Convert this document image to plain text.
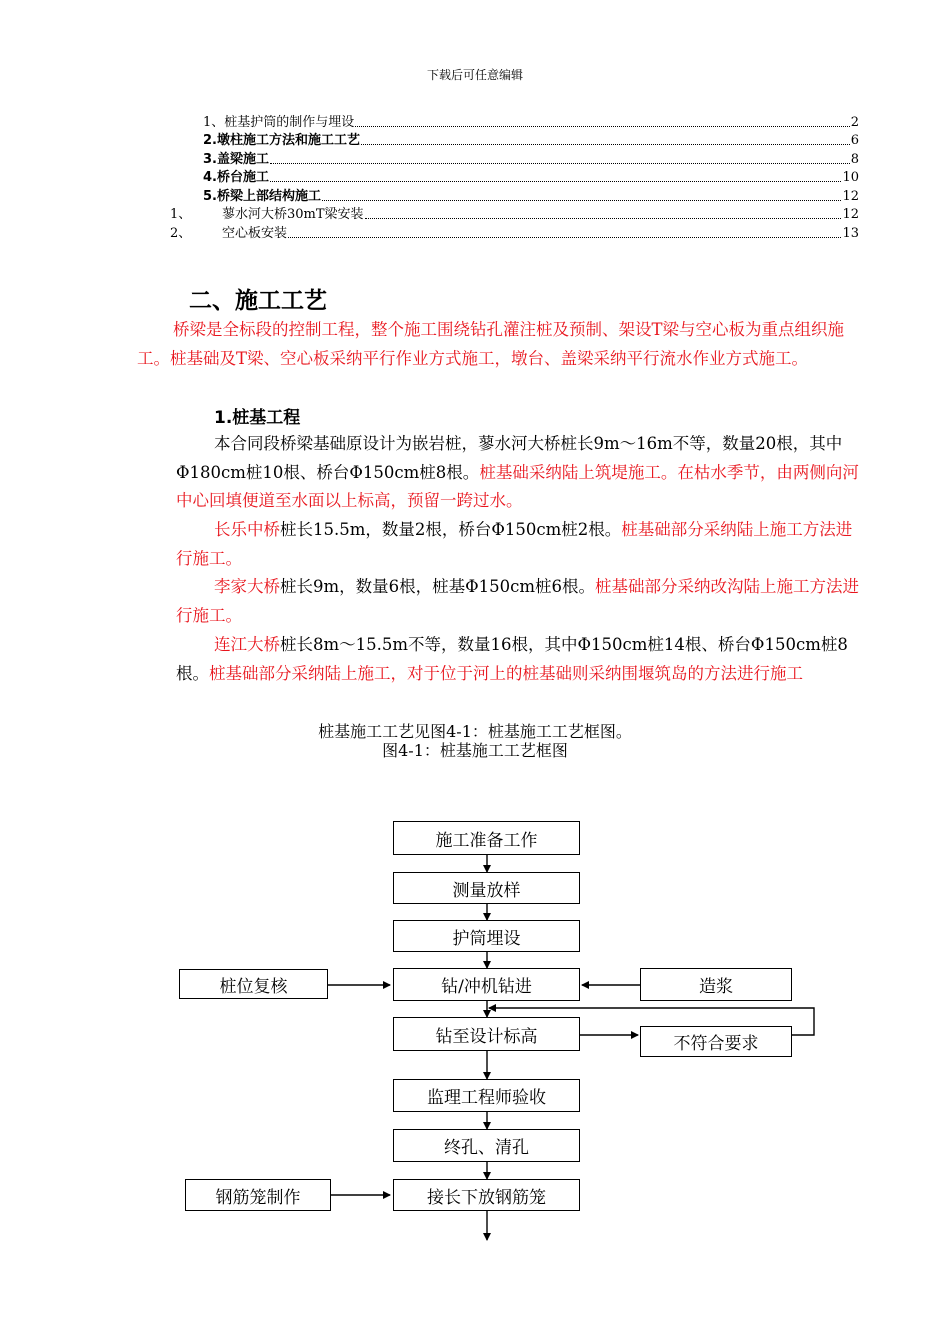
下载后可任意编辑
1、桩基护筒的制作与埋设	2
2.墩柱施工方法和施工工艺	6
3.盖梁施工	8
4.桥台施工	10
5.桥梁上部结构施工	12
1、	蓼水河大桥30mT梁安装	12
2、	空心板安装	13
二、施工工艺
桥梁是全标段的控制工程，整个施工围绕钻孔灌注桩及预制、架设T梁与空心板为重点组织施工。桩基础及T梁、空心板采纳平行作业方式施工，墩台、盖梁采纳平行流水作业方式施工。
1.桩基工程
本合同段桥梁基础原设计为嵌岩桩，蓼水河大桥桩长9m～16m不等，数量20根，其中Φ180cm桩10根、桥台Φ150cm桩8根。桩基础采纳陆上筑堤施工。在枯水季节，由两侧向河中心回填便道至水面以上标高，预留一跨过水。
长乐中桥桩长15.5m，数量2根，桥台Φ150cm桩2根。桩基础部分采纳陆上施工方法进行施工。
李家大桥桩长9m，数量6根，桩基Φ150cm桩6根。桩基础部分采纳改沟陆上施工方法进行施工。
连江大桥桩长8m～15.5m不等，数量16根，其中Φ150cm桩14根、桥台Φ150cm桩8根。桩基础部分采纳陆上施工，对于位于河上的桩基础则采纳围堰筑岛的方法进行施工
桩基施工工艺见图4-1：桩基施工工艺框图。
图4-1：桩基施工工艺框图
施工准备工作
测量放样
护筒埋设
钻/冲机钻进
钻至设计标高
监理工程师验收
终孔、清孔
接长下放钢筋笼
桩位复核	造浆
不符合要求
钢筋笼制作
